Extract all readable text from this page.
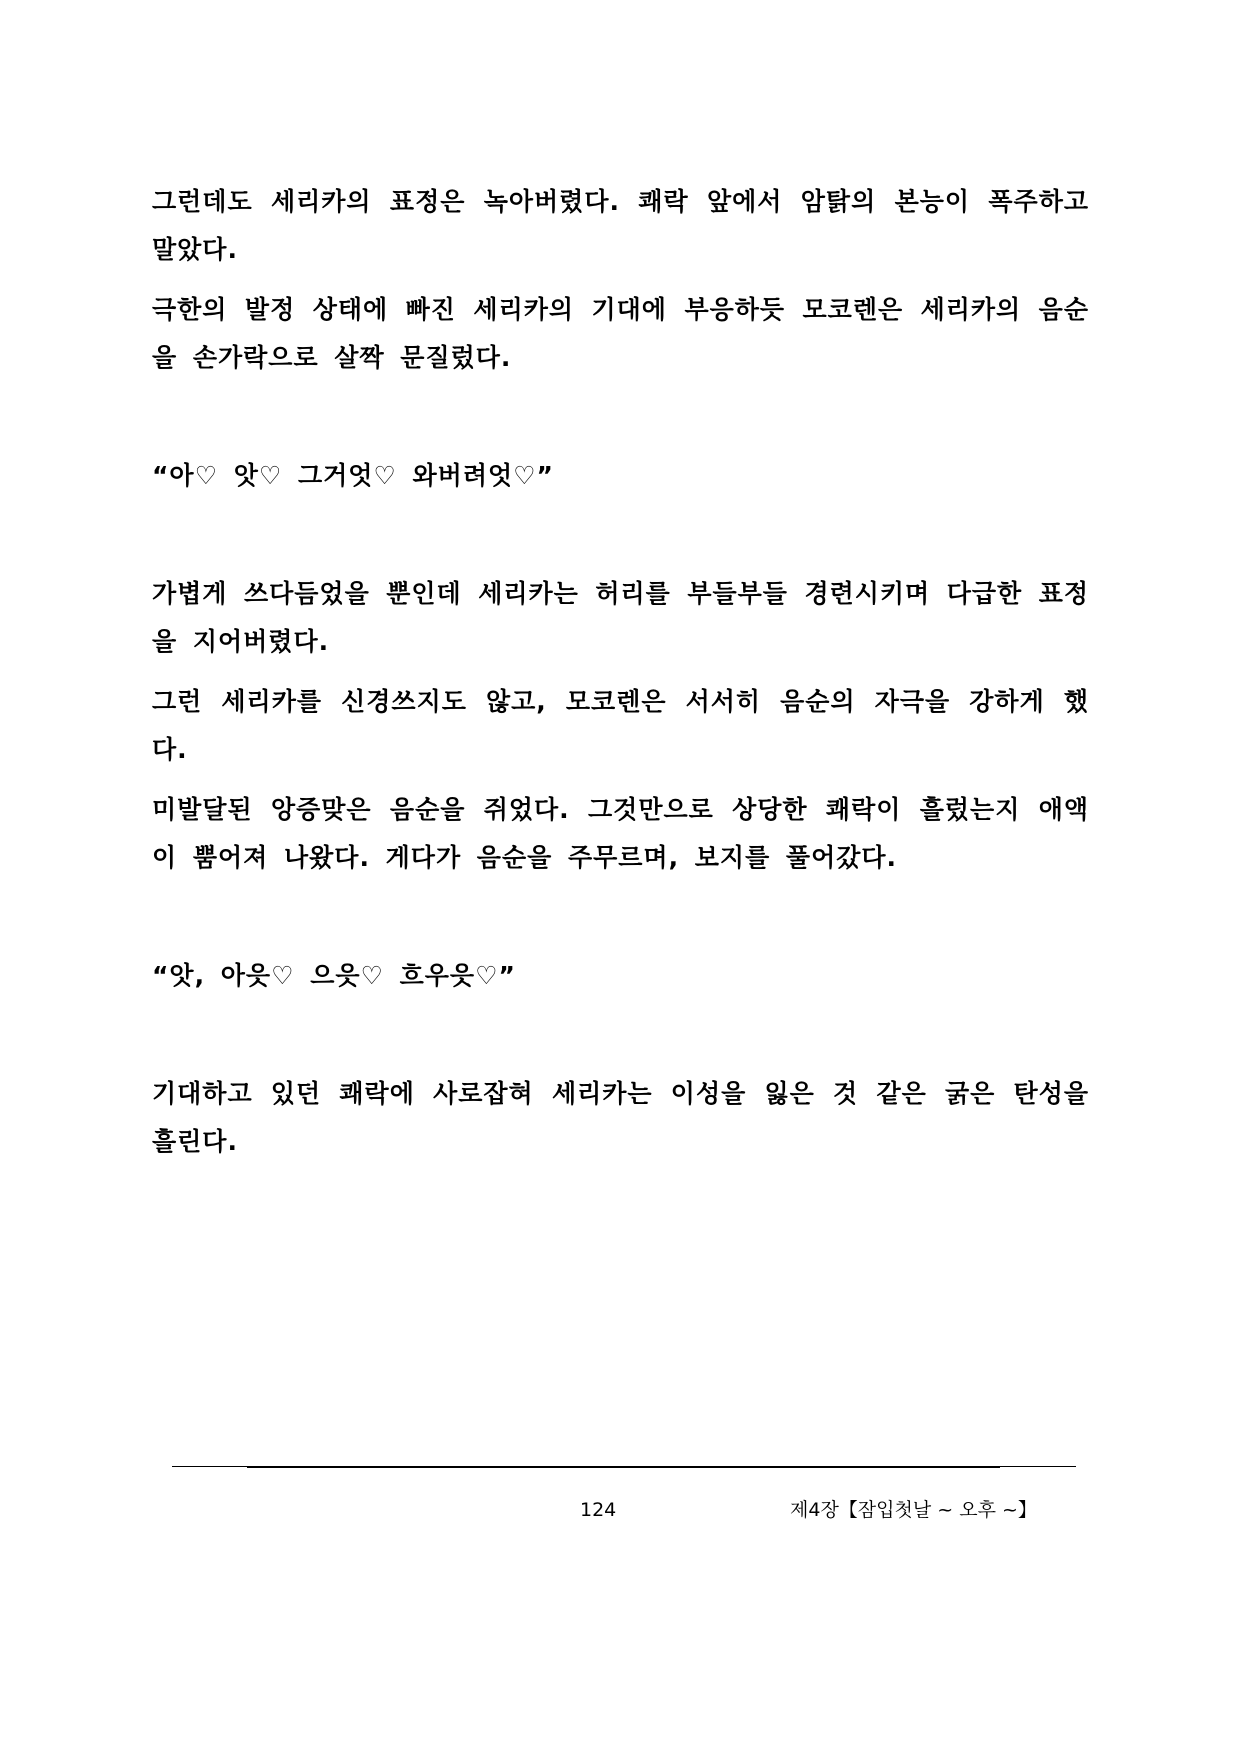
그런데도 세리카의 표정은 녹아버렸다. 쾌락 앞에서 암탉의 본능이 폭주하고 말았다.

극한의 발정 상태에 빠진 세리카의 기대에 부응하듯 모코렌은 세리카의 음순을 손가락으로 살짝 문질렀다.

“아♡ 앗♡ 그거엇♡ 와버려엇♡”

가볍게 쓰다듬었을 뿐인데 세리카는 허리를 부들부들 경련시키며 다급한 표정을 지어버렸다.

그런 세리카를 신경쓰지도 않고, 모코렌은 서서히 음순의 자극을 강하게 했다.

미발달된 앙증맞은 음순을 쥐었다. 그것만으로 상당한 쾌락이 흘렀는지 애액이 뿜어져 나왔다. 게다가 음순을 주무르며, 보지를 풀어갔다.

“앗, 아읏♡ 으읏♡ 흐우읏♡”

기대하고 있던 쾌락에 사로잡혀 세리카는 이성을 잃은 것 같은 굵은 탄성을 흘린다.

124	제4장【잠입첫날 ~ 오후 ~】
